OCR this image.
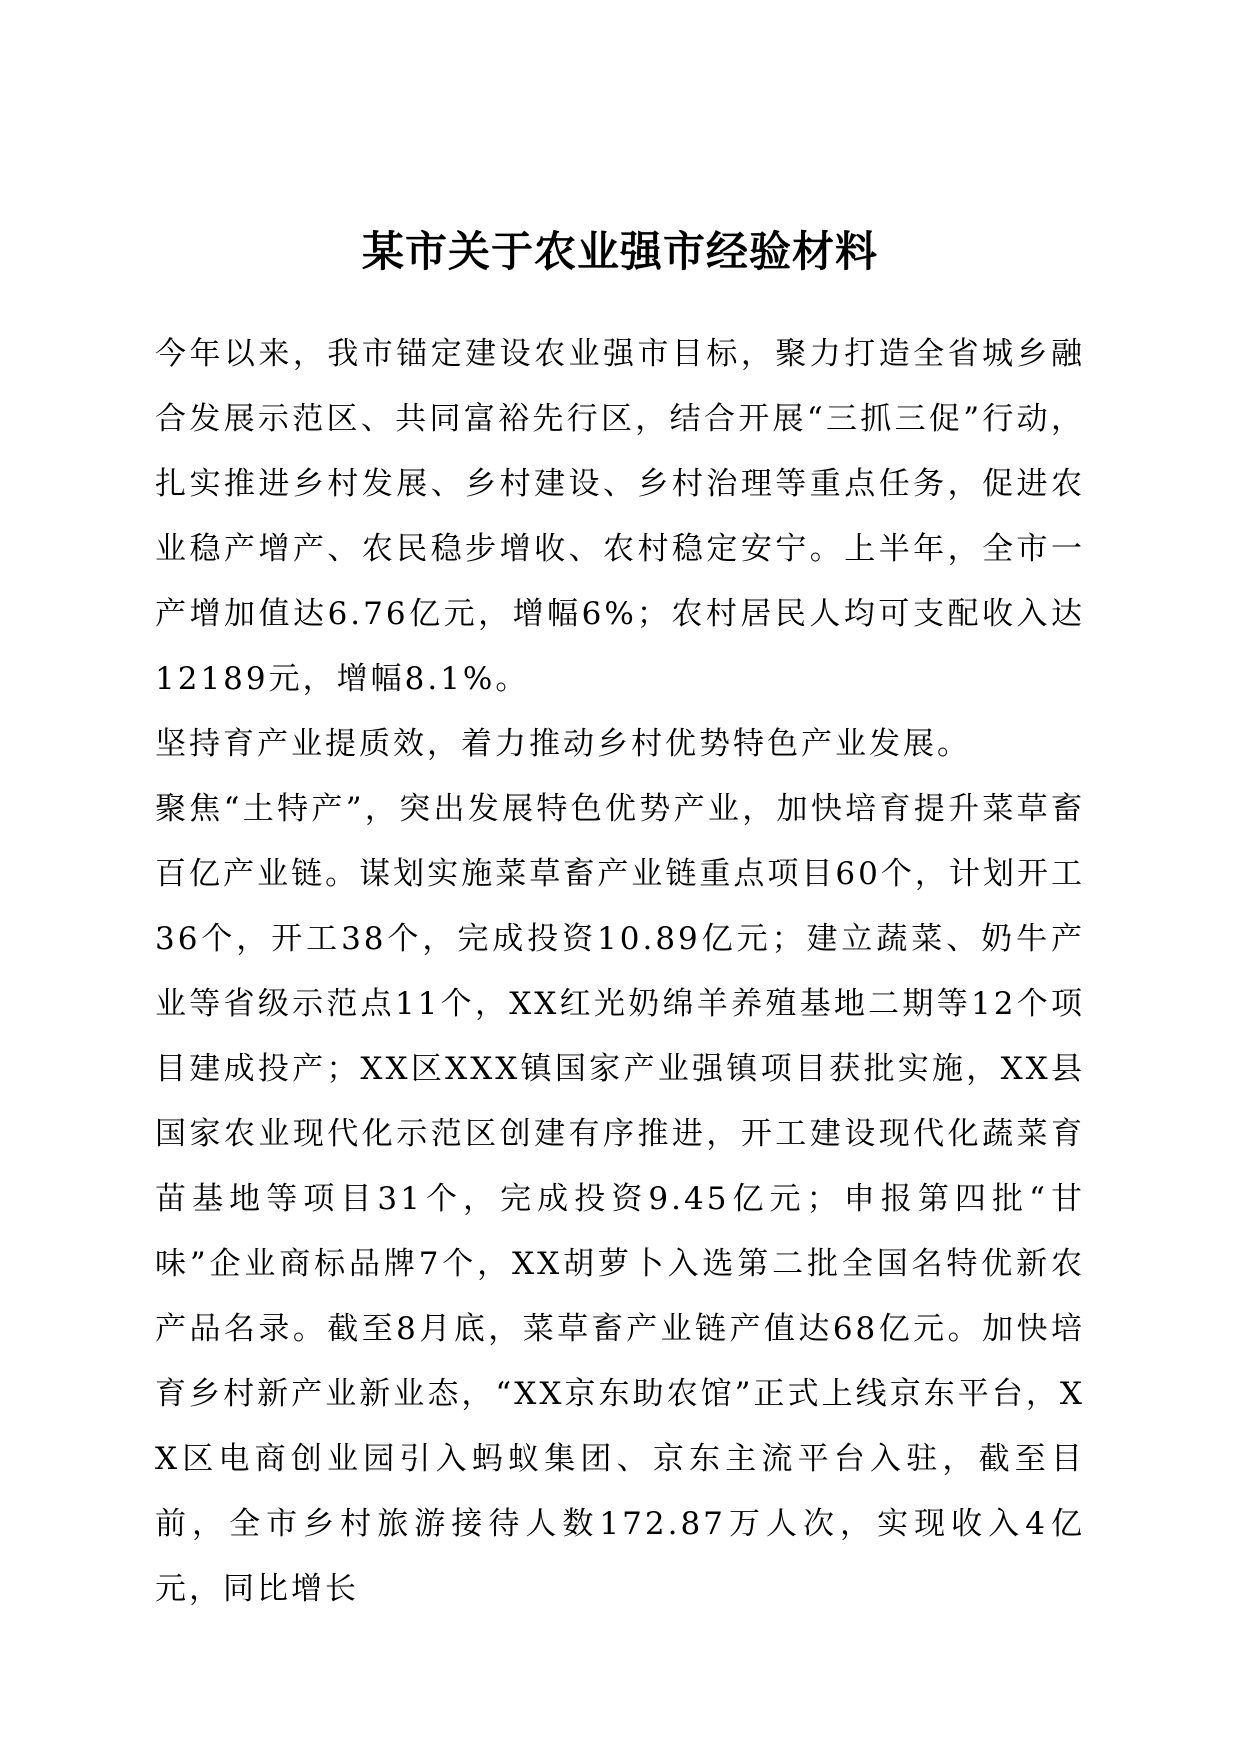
某市关于农业强市经验材料

今年以来，我市锚定建设农业强市目标，聚力打造全省城乡融合发展示范区、共同富裕先行区，结合开展“三抓三促”行动，扎实推进乡村发展、乡村建设、乡村治理等重点任务，促进农业稳产增产、农民稳步增收、农村稳定安宁。上半年，全市一产增加值达6.76亿元，增幅6%；农村居民人均可支配收入达12189元，增幅8.1%。

坚持育产业提质效，着力推动乡村优势特色产业发展。

聚焦“土特产”，突出发展特色优势产业，加快培育提升菜草畜百亿产业链。谋划实施菜草畜产业链重点项目60个，计划开工36个，开工38个，完成投资10.89亿元；建立蔬菜、奶牛产业等省级示范点11个，XX红光奶绵羊养殖基地二期等12个项目建成投产；XX区XXX镇国家产业强镇项目获批实施，XX县国家农业现代化示范区创建有序推进，开工建设现代化蔬菜育苗基地等项目31个，完成投资9.45亿元；申报第四批“甘味”企业商标品牌7个，XX胡萝卜入选第二批全国名特优新农产品名录。截至8月底，菜草畜产业链产值达68亿元。加快培育乡村新产业新业态，“XX京东助农馆”正式上线京东平台，XX区电商创业园引入蚂蚁集团、京东主流平台入驻，截至目前，全市乡村旅游接待人数172.87万人次，实现收入4亿元，同比增长
